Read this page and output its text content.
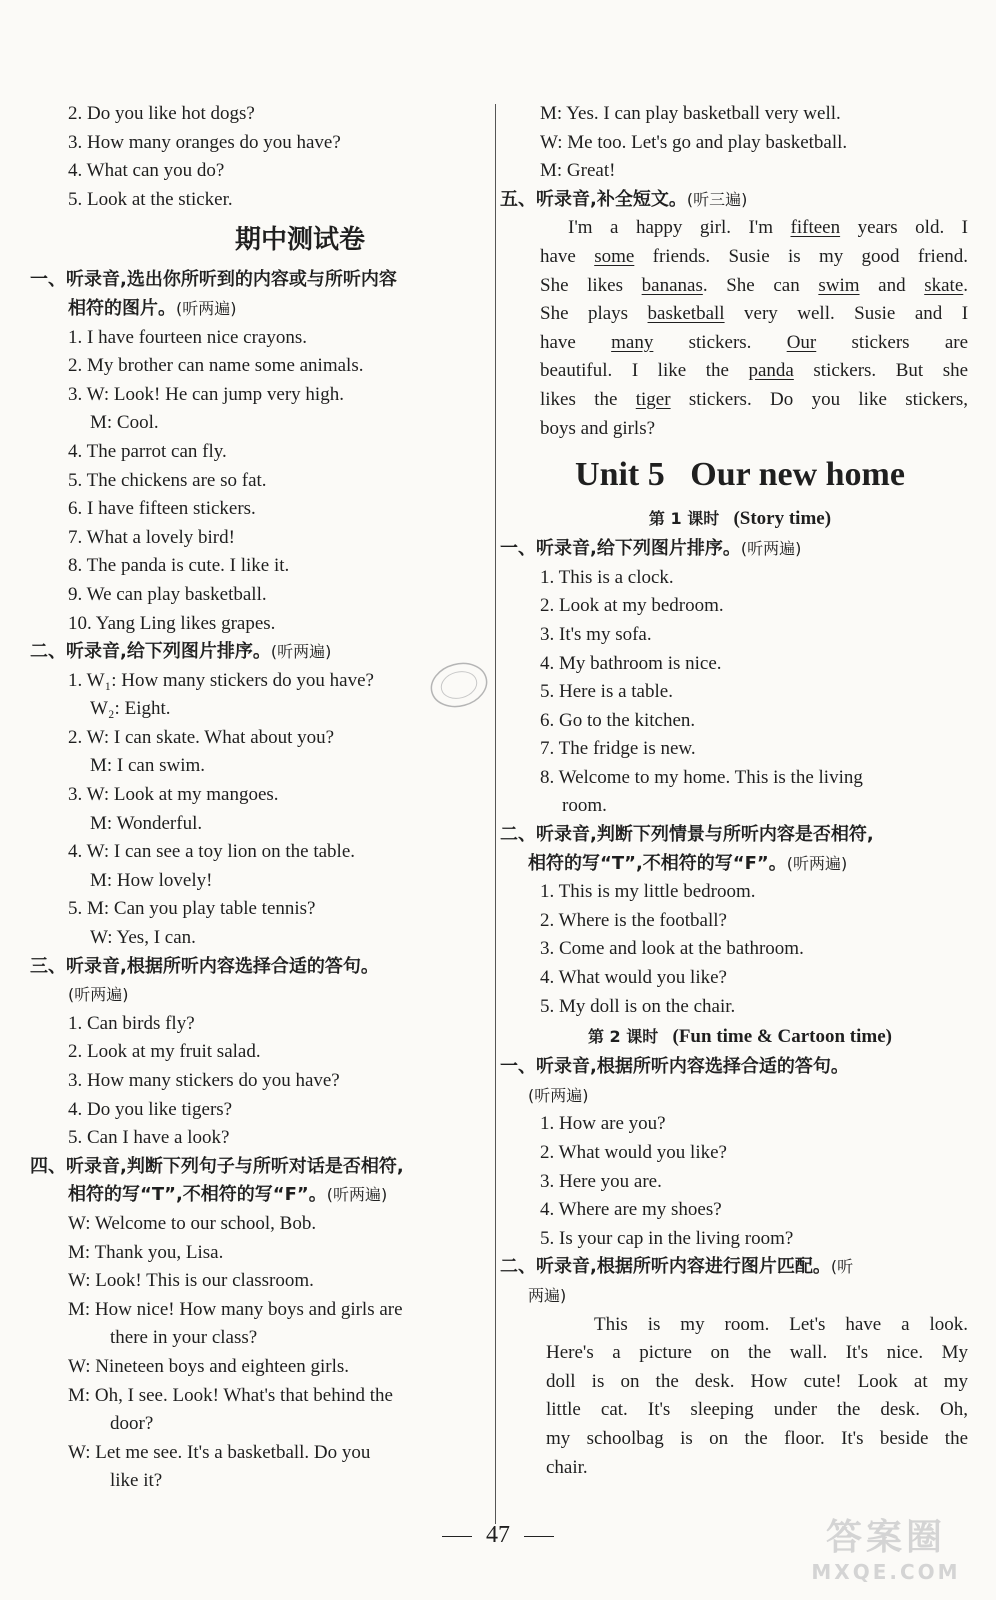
2. Do you like hot dogs?
3. How many oranges do you have?
4. What can you do?
5. Look at the sticker.
期中测试卷
一、听录音,选出你所听到的内容或与所听内容
相符的图片。(听两遍)
1. I have fourteen nice crayons.
2. My brother can name some animals.
3. W: Look! He can jump very high.
M: Cool.
4. The parrot can fly.
5. The chickens are so fat.
6. I have fifteen stickers.
7. What a lovely bird!
8. The panda is cute. I like it.
9. We can play basketball.
10. Yang Ling likes grapes.
二、听录音,给下列图片排序。(听两遍)
1. W₁: How many stickers do you have?
W₂: Eight.
2. W: I can skate. What about you?
M: I can swim.
3. W: Look at my mangoes.
M: Wonderful.
4. W: I can see a toy lion on the table.
M: How lovely!
5. M: Can you play table tennis?
W: Yes, I can.
三、听录音,根据所听内容选择合适的答句。
(听两遍)
1. Can birds fly?
2. Look at my fruit salad.
3. How many stickers do you have?
4. Do you like tigers?
5. Can I have a look?
四、听录音,判断下列句子与所听对话是否相符,
相符的写“T”,不相符的写“F”。(听两遍)
W: Welcome to our school, Bob.
M: Thank you, Lisa.
W: Look! This is our classroom.
M: How nice! How many boys and girls are
there in your class?
W: Nineteen boys and eighteen girls.
M: Oh, I see. Look! What's that behind the
door?
W: Let me see. It's a basketball. Do you
like it?
M: Yes. I can play basketball very well.
W: Me too. Let's go and play basketball.
M: Great!
五、听录音,补全短文。(听三遍)
I'm a happy girl. I'm fifteen years old. I
have some friends. Susie is my good friend.
She likes bananas. She can swim and skate.
She plays basketball very well. Susie and I
have many stickers. Our stickers are
beautiful. I like the panda stickers. But she
likes the tiger stickers. Do you like stickers,
boys and girls?
Unit 5   Our new home
第 1 课时 (Story time)
一、听录音,给下列图片排序。(听两遍)
1. This is a clock.
2. Look at my bedroom.
3. It's my sofa.
4. My bathroom is nice.
5. Here is a table.
6. Go to the kitchen.
7. The fridge is new.
8. Welcome to my home. This is the living
room.
二、听录音,判断下列情景与所听内容是否相符,
相符的写“T”,不相符的写“F”。(听两遍)
1. This is my little bedroom.
2. Where is the football?
3. Come and look at the bathroom.
4. What would you like?
5. My doll is on the chair.
第 2 课时 (Fun time & Cartoon time)
一、听录音,根据所听内容选择合适的答句。
(听两遍)
1. How are you?
2. What would you like?
3. Here you are.
4. Where are my shoes?
5. Is your cap in the living room?
二、听录音,根据所听内容进行图片匹配。(听
两遍)
This is my room. Let's have a look.
Here's a picture on the wall. It's nice. My
doll is on the desk. How cute! Look at my
little cat. It's sleeping under the desk. Oh,
my schoolbag is on the floor. It's beside the
chair.
47	答案圈
MXQE.COM
